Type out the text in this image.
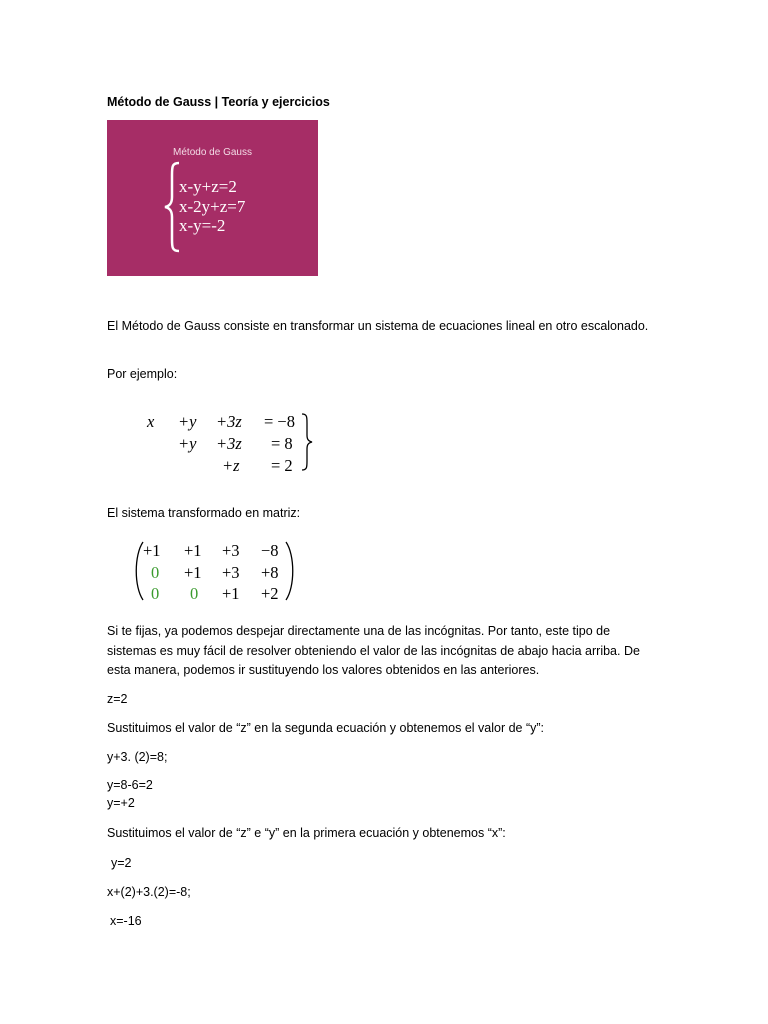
Método de Gauss | Teoría y ejercicios
Método de Gauss
x-y+z=2
x-2y+z=7
x-y=-2
El Método de Gauss consiste en transformar un sistema de ecuaciones lineal en otro escalonado.
Por ejemplo:
x +y +3z = −8
+y +3z = 8
+z = 2
El sistema transformado en matriz:
+1 +1 +3 −8
0 +1 +3 +8
0 0 +1 +2
Si te fijas, ya podemos despejar directamente una de las incógnitas. Por tanto, este tipo de
sistemas es muy fácil de resolver obteniendo el valor de las incógnitas de abajo hacia arriba. De
esta manera, podemos ir sustituyendo los valores obtenidos en las anteriores.
z=2
Sustituimos el valor de “z” en la segunda ecuación y obtenemos el valor de “y”:
y+3. (2)=8;
y=8-6=2
y=+2
Sustituimos el valor de “z” e “y” en la primera ecuación y obtenemos “x”:
y=2
x+(2)+3.(2)=-8;
x=-16
